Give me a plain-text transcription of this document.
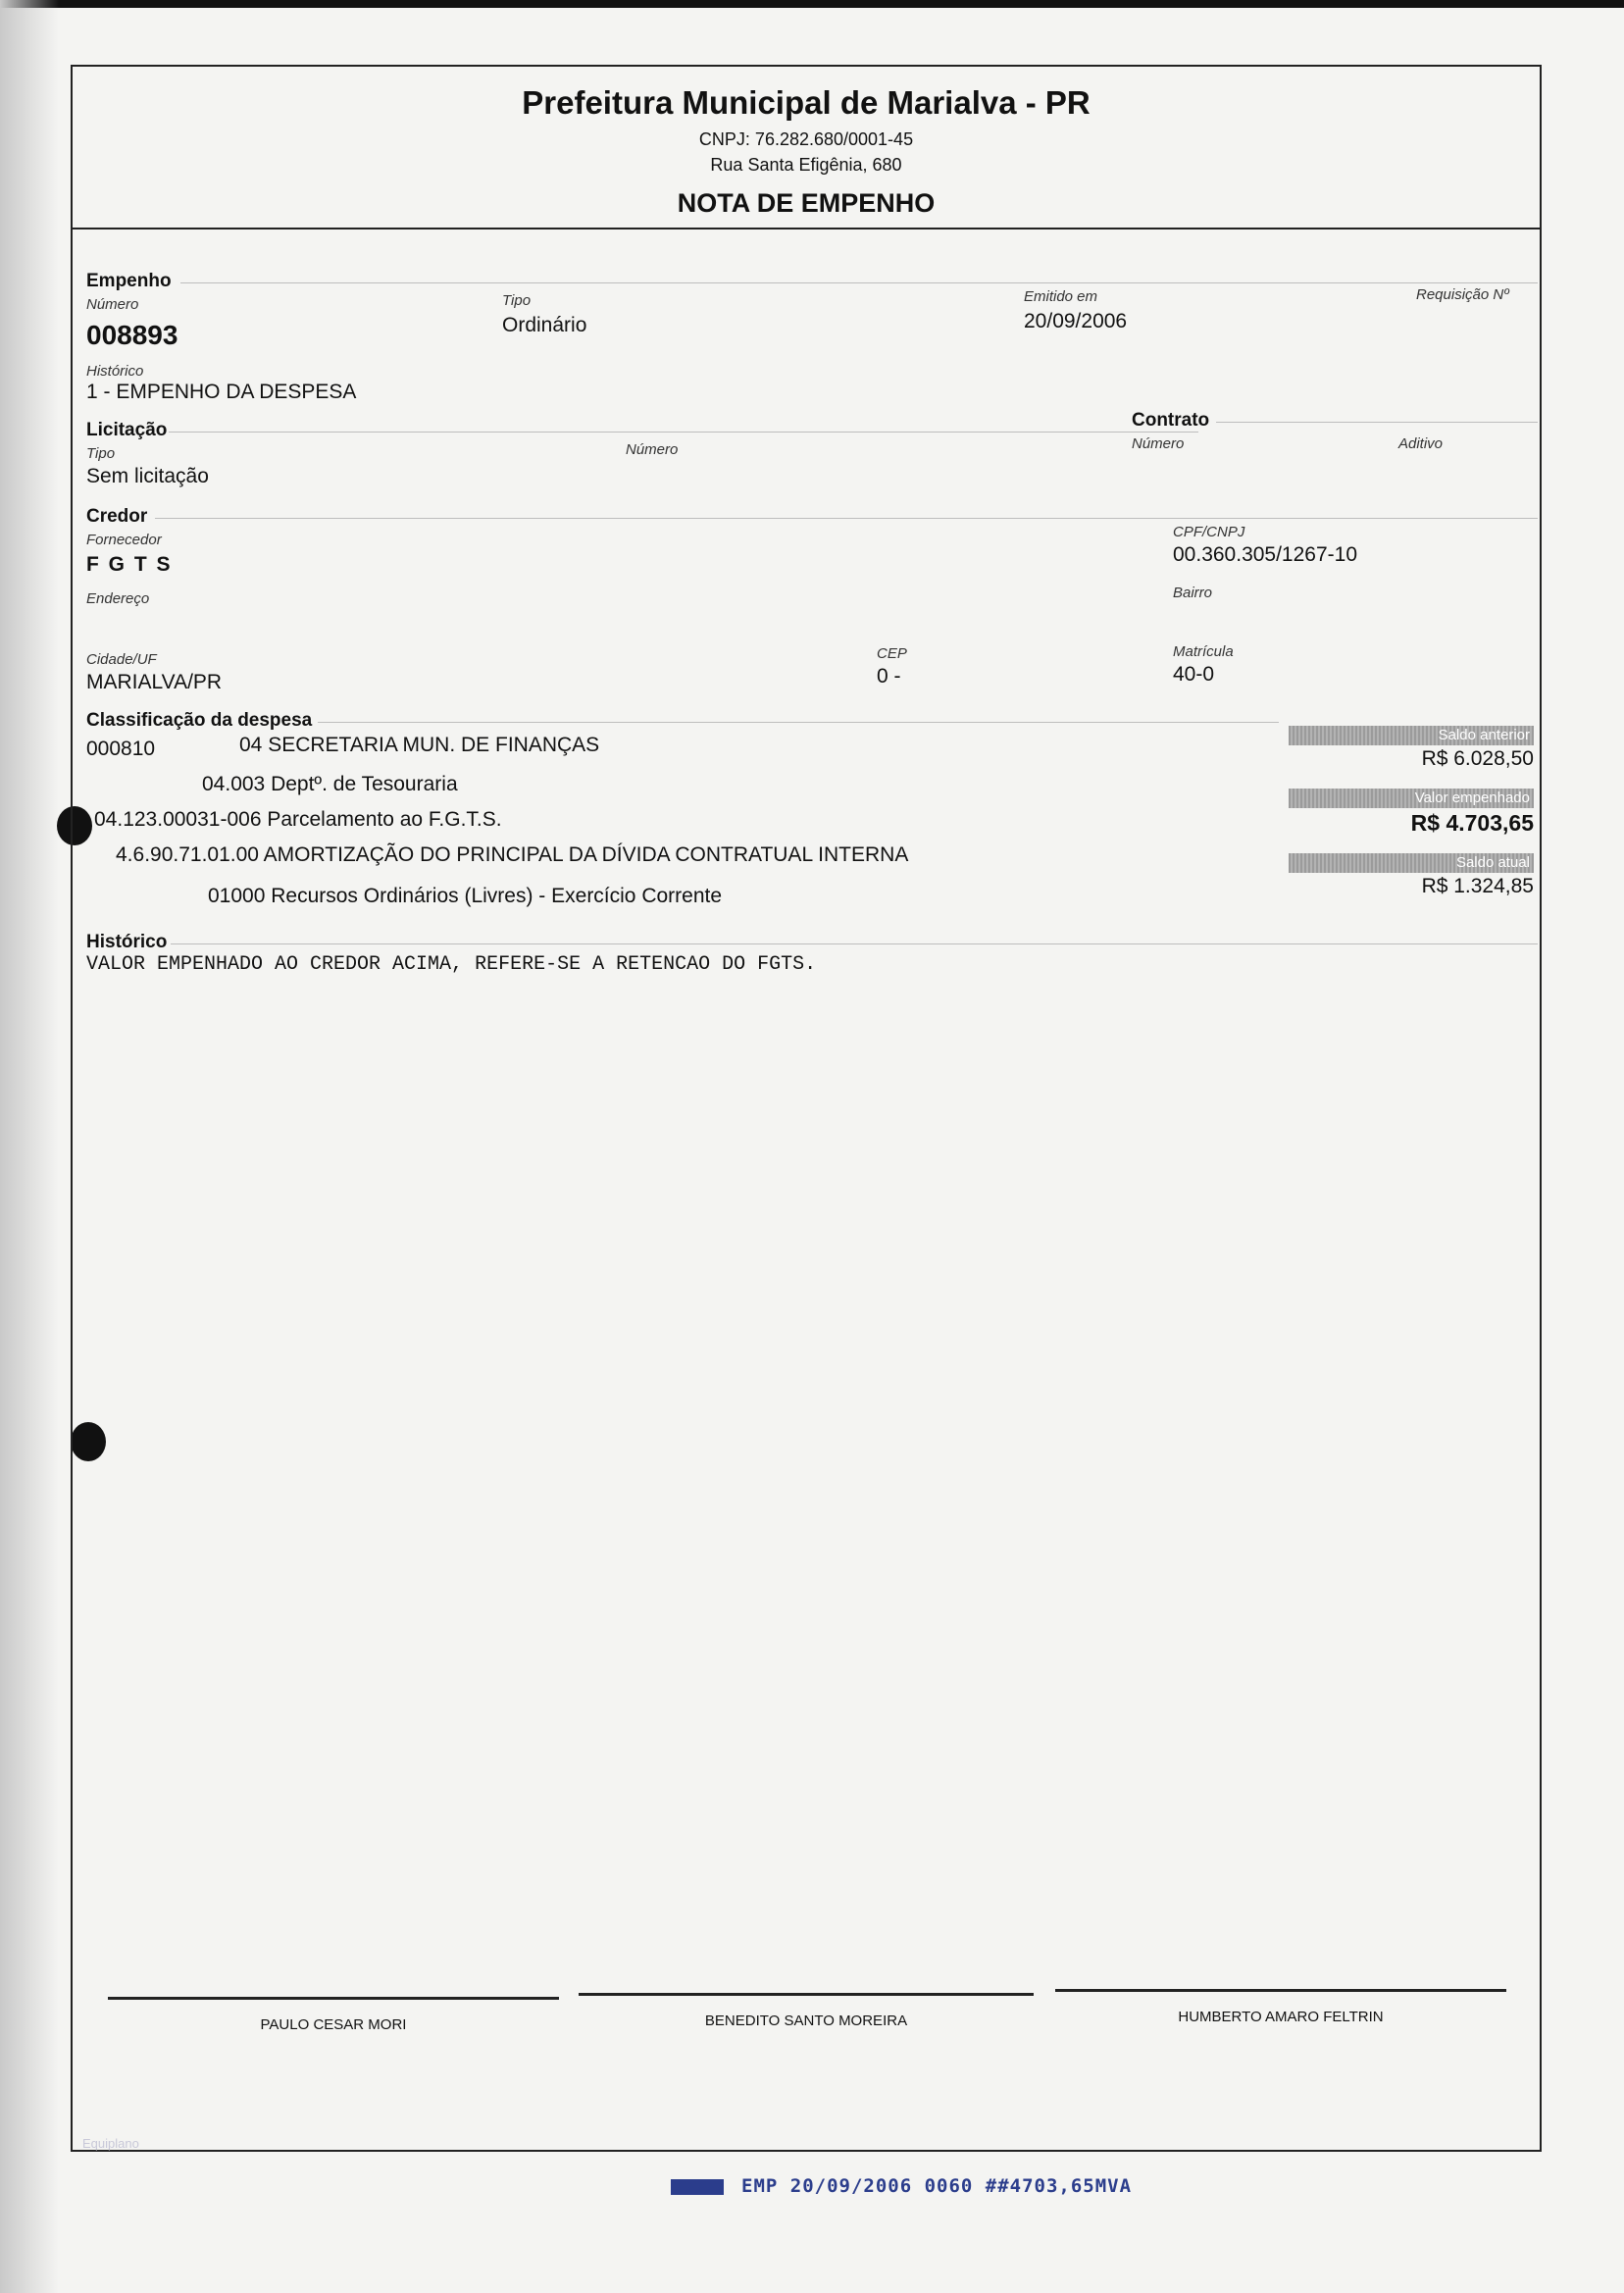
Prefeitura Municipal de Marialva - PR
CNPJ: 76.282.680/0001-45
Rua Santa Efigênia, 680
NOTA DE EMPENHO
Empenho
Número
008893
Tipo
Ordinário
Emitido em
20/09/2006
Requisição Nº
Histórico
1 - EMPENHO DA DESPESA
Licitação
Tipo
Sem licitação
Número
Contrato
Número	Aditivo
Credor
Fornecedor
F G T S
CPF/CNPJ
00.360.305/1267-10
Endereço	Bairro
Cidade/UF
MARIALVA/PR
CEP
0 -
Matrícula
40-0
Classificação da despesa
000810	04 SECRETARIA MUN. DE FINANÇAS
04.003 Deptº. de Tesouraria
04.123.00031-006 Parcelamento ao F.G.T.S.
4.6.90.71.01.00 AMORTIZAÇÃO DO PRINCIPAL DA DÍVIDA CONTRATUAL INTERNA
01000 Recursos Ordinários (Livres) - Exercício Corrente
Saldo anterior
R$ 6.028,50
Valor empenhado
R$ 4.703,65
Saldo atual
R$ 1.324,85
Histórico
VALOR EMPENHADO AO CREDOR ACIMA, REFERE-SE A RETENCAO DO FGTS.
PAULO CESAR MORI	BENEDITO SANTO MOREIRA	HUMBERTO AMARO FELTRIN
Equiplano
EMP 20/09/2006 0060 ##4703,65MVA
